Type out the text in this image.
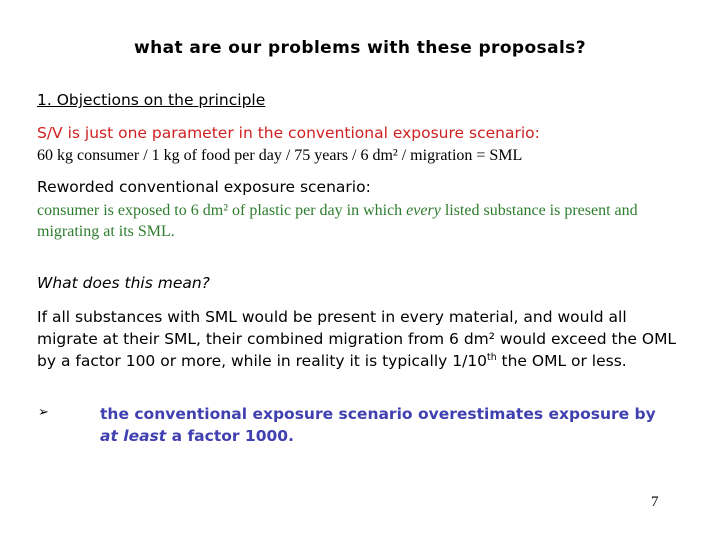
what are our problems with these proposals?
1. Objections on the principle
S/V is just one parameter in the conventional exposure scenario:
60 kg consumer / 1 kg of food per day / 75 years / 6 dm² / migration = SML
Reworded conventional exposure scenario:
consumer is exposed to 6 dm² of plastic per day in which every listed substance is present and migrating at its SML.
What does this mean?
If all substances with SML would be present in every material, and would all migrate at their SML, their combined migration from 6 dm² would exceed the OML by a factor 100 or more, while in reality it is typically 1/10th the OML or less.
➢	the conventional exposure scenario overestimates exposure by at least a factor 1000.
7
